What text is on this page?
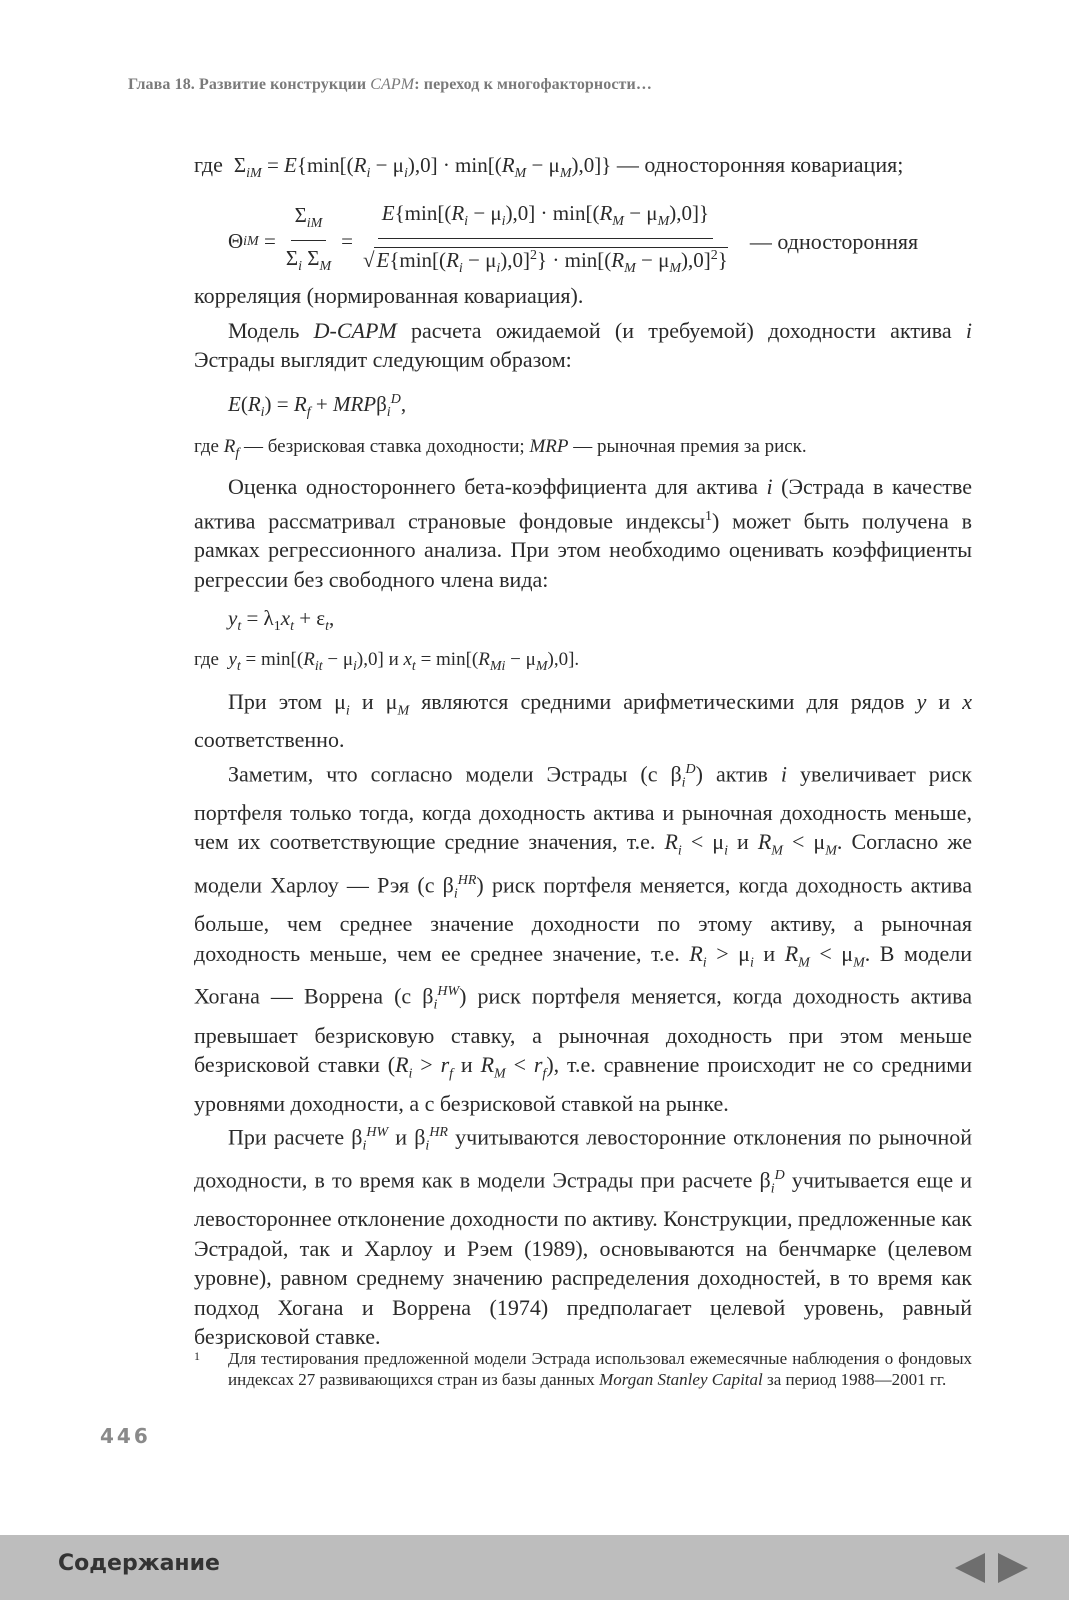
Глава 18. Развитие конструкции CAPM: переход к многофакторности…

где $\Sigma_{iM} = E\{\min[(R_i - \mu_i),0] \cdot \min[(R_M - \mu_M),0]\}$ — односторонняя ковариация;

Θ iM = $\frac{\Sigma_{iM}}{\Sigma_i \Sigma_M} = \frac{E\{\min[(R_i - \mu_i),0] \cdot \min[(R_M - \mu_M),0]\}}{√E\{\min[(R_i - \mu_i),0]^2\} \cdot \min[(R_M - \mu_M),0]^2\}}$ — односторонняя

корреляция (нормированная ковариация).

Модель D-CAPM расчета ожидаемой (и требуемой) доходности актива i Эстрады выглядит следующим образом:

$E(R_i) = R_f + MRP\beta_i^D$,

где $R_f$ — безрисковая ставка доходности; MRP — рыночная премия за риск.

Оценка одностороннего бета-коэффициента для актива i (Эстрада в качестве актива рассматривал страновые фондовые индексы$^1$) может быть получена в рамках регрессионного анализа. При этом необходимо оценивать коэффициенты регрессии без свободного члена вида:

$y_t = \lambda_1x_t + \varepsilon_t$,

где $y_t = \min[(R_{it} - \mu_i),0]$ и $x_t = \min[(R_{Mi} - \mu_M),0]$.

При этом $\mu_i$ и $\mu_M$ являются средними арифметическими для рядов y и x соответственно.

Заметим, что согласно модели Эстрады (с $\beta_i^D$) актив i увеличивает риск портфеля только тогда, когда доходность актива и рыночная доходность меньше, чем их соответствующие средние значения, т.е. $R_i < \mu_i$ и $R_M < \mu_M$. Согласно же модели Харлоу — Рэя (с $\beta_i^{HR}$) риск портфеля меняется, когда доходность актива больше, чем среднее значение доходности по этому активу, а рыночная доходность меньше, чем ее среднее значение, т.е. $R_i > \mu_i$ и $R_M < \mu_M$. В модели Хогана — Воррена (с $\beta_i^{HW}$) риск портфеля меняется, когда доходность актива превышает безрисковую ставку, а рыночная доходность при этом меньше безрисковой ставки ($R_i > r_f$ и $R_M < r_f$), т.е. сравнение происходит не со средними уровнями доходности, а с безрисковой ставкой на рынке.

При расчете $\beta_i^{HW}$ и $\beta_i^{HR}$ учитываются левосторонние отклонения по рыночной доходности, в то время как в модели Эстрады при расчете $\beta_i^D$ учитывается еще и левостороннее отклонение доходности по активу. Конструкции, предложенные как Эстрадой, так и Харлоу и Рэем (1989), основываются на бенчмарке (целевом уровне), равном среднему значению распределения доходностей, в то время как подход Хогана и Воррена (1974) предполагает целевой уровень, равный безрисковой ставке.

1 Для тестирования предложенной модели Эстрада использовал ежемесячные наблюдения о фондовых индексах 27 развивающихся стран из базы данных Morgan Stanley Capital за период 1988—2001 гг.
446
Содержание
